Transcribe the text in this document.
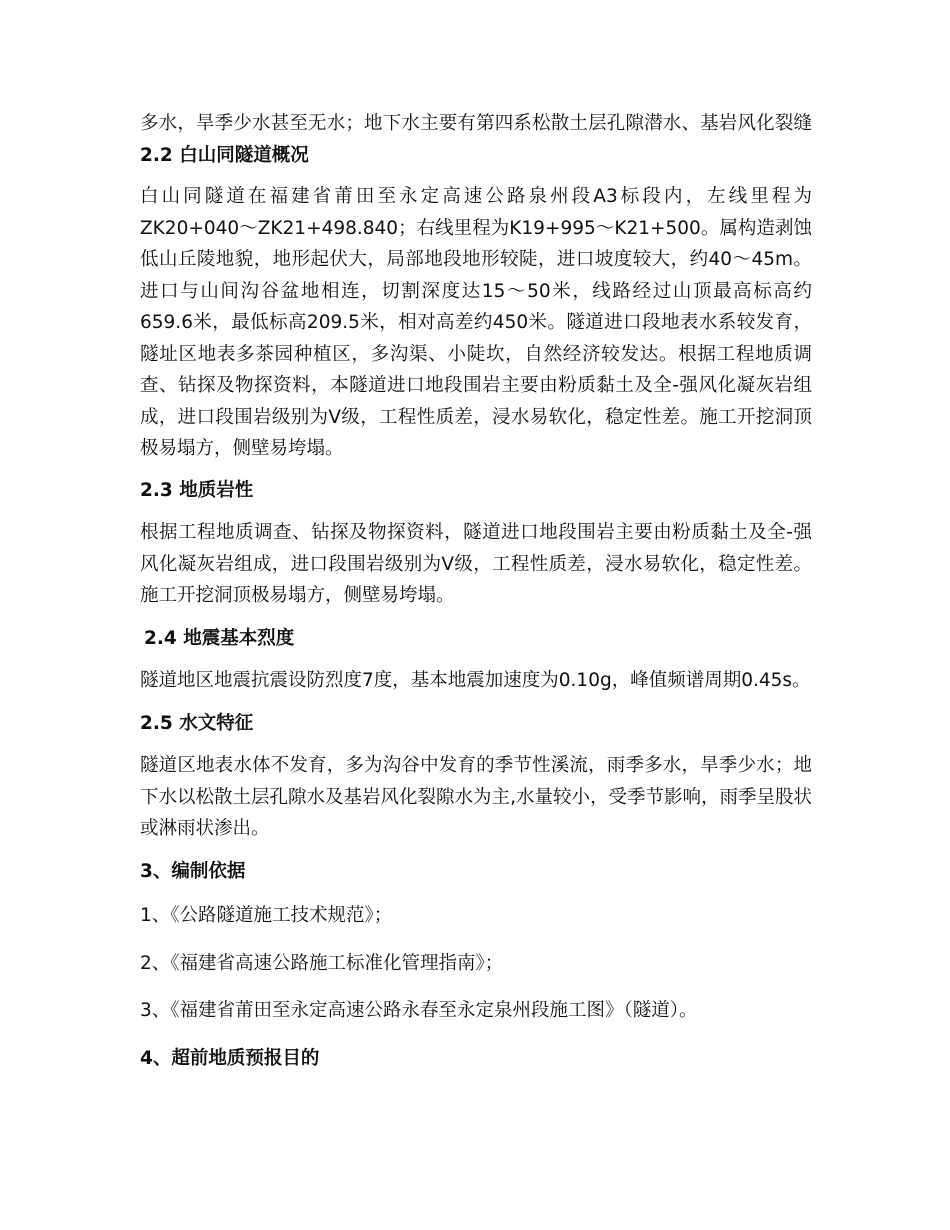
多水，旱季少水甚至无水；地下水主要有第四系松散土层孔隙潜水、基岩风化裂缝 2.2 白山同隧道概况

白山同隧道在福建省莆田至永定高速公路泉州段A3标段内，左线里程为ZK20+040～ZK21+498.840；右线里程为K19+995～K21+500。属构造剥蚀低山丘陵地貌，地形起伏大，局部地段地形较陡，进口坡度较大，约40～45m。进口与山间沟谷盆地相连，切割深度达15～50米，线路经过山顶最高标高约659.6米，最低标高209.5米，相对高差约450米。隧道进口段地表水系较发育，隧址区地表多茶园种植区，多沟渠、小陡坎，自然经济较发达。根据工程地质调查、钻探及物探资料，本隧道进口地段围岩主要由粉质黏土及全-强风化凝灰岩组成，进口段围岩级别为Ⅴ级，工程性质差，浸水易软化，稳定性差。施工开挖洞顶极易塌方，侧壁易垮塌。

2.3 地质岩性

根据工程地质调查、钻探及物探资料，隧道进口地段围岩主要由粉质黏土及全-强风化凝灰岩组成，进口段围岩级别为Ⅴ级，工程性质差，浸水易软化，稳定性差。施工开挖洞顶极易塌方，侧壁易垮塌。

2.4 地震基本烈度

隧道地区地震抗震设防烈度7度，基本地震加速度为0.10g，峰值频谱周期0.45s。

2.5 水文特征

隧道区地表水体不发育，多为沟谷中发育的季节性溪流，雨季多水，旱季少水；地下水以松散土层孔隙水及基岩风化裂隙水为主,水量较小，受季节影响，雨季呈股状或淋雨状渗出。

3、编制依据

1、《公路隧道施工技术规范》；

2、《福建省高速公路施工标准化管理指南》；

3、《福建省莆田至永定高速公路永春至永定泉州段施工图》（隧道）。

4、超前地质预报目的
